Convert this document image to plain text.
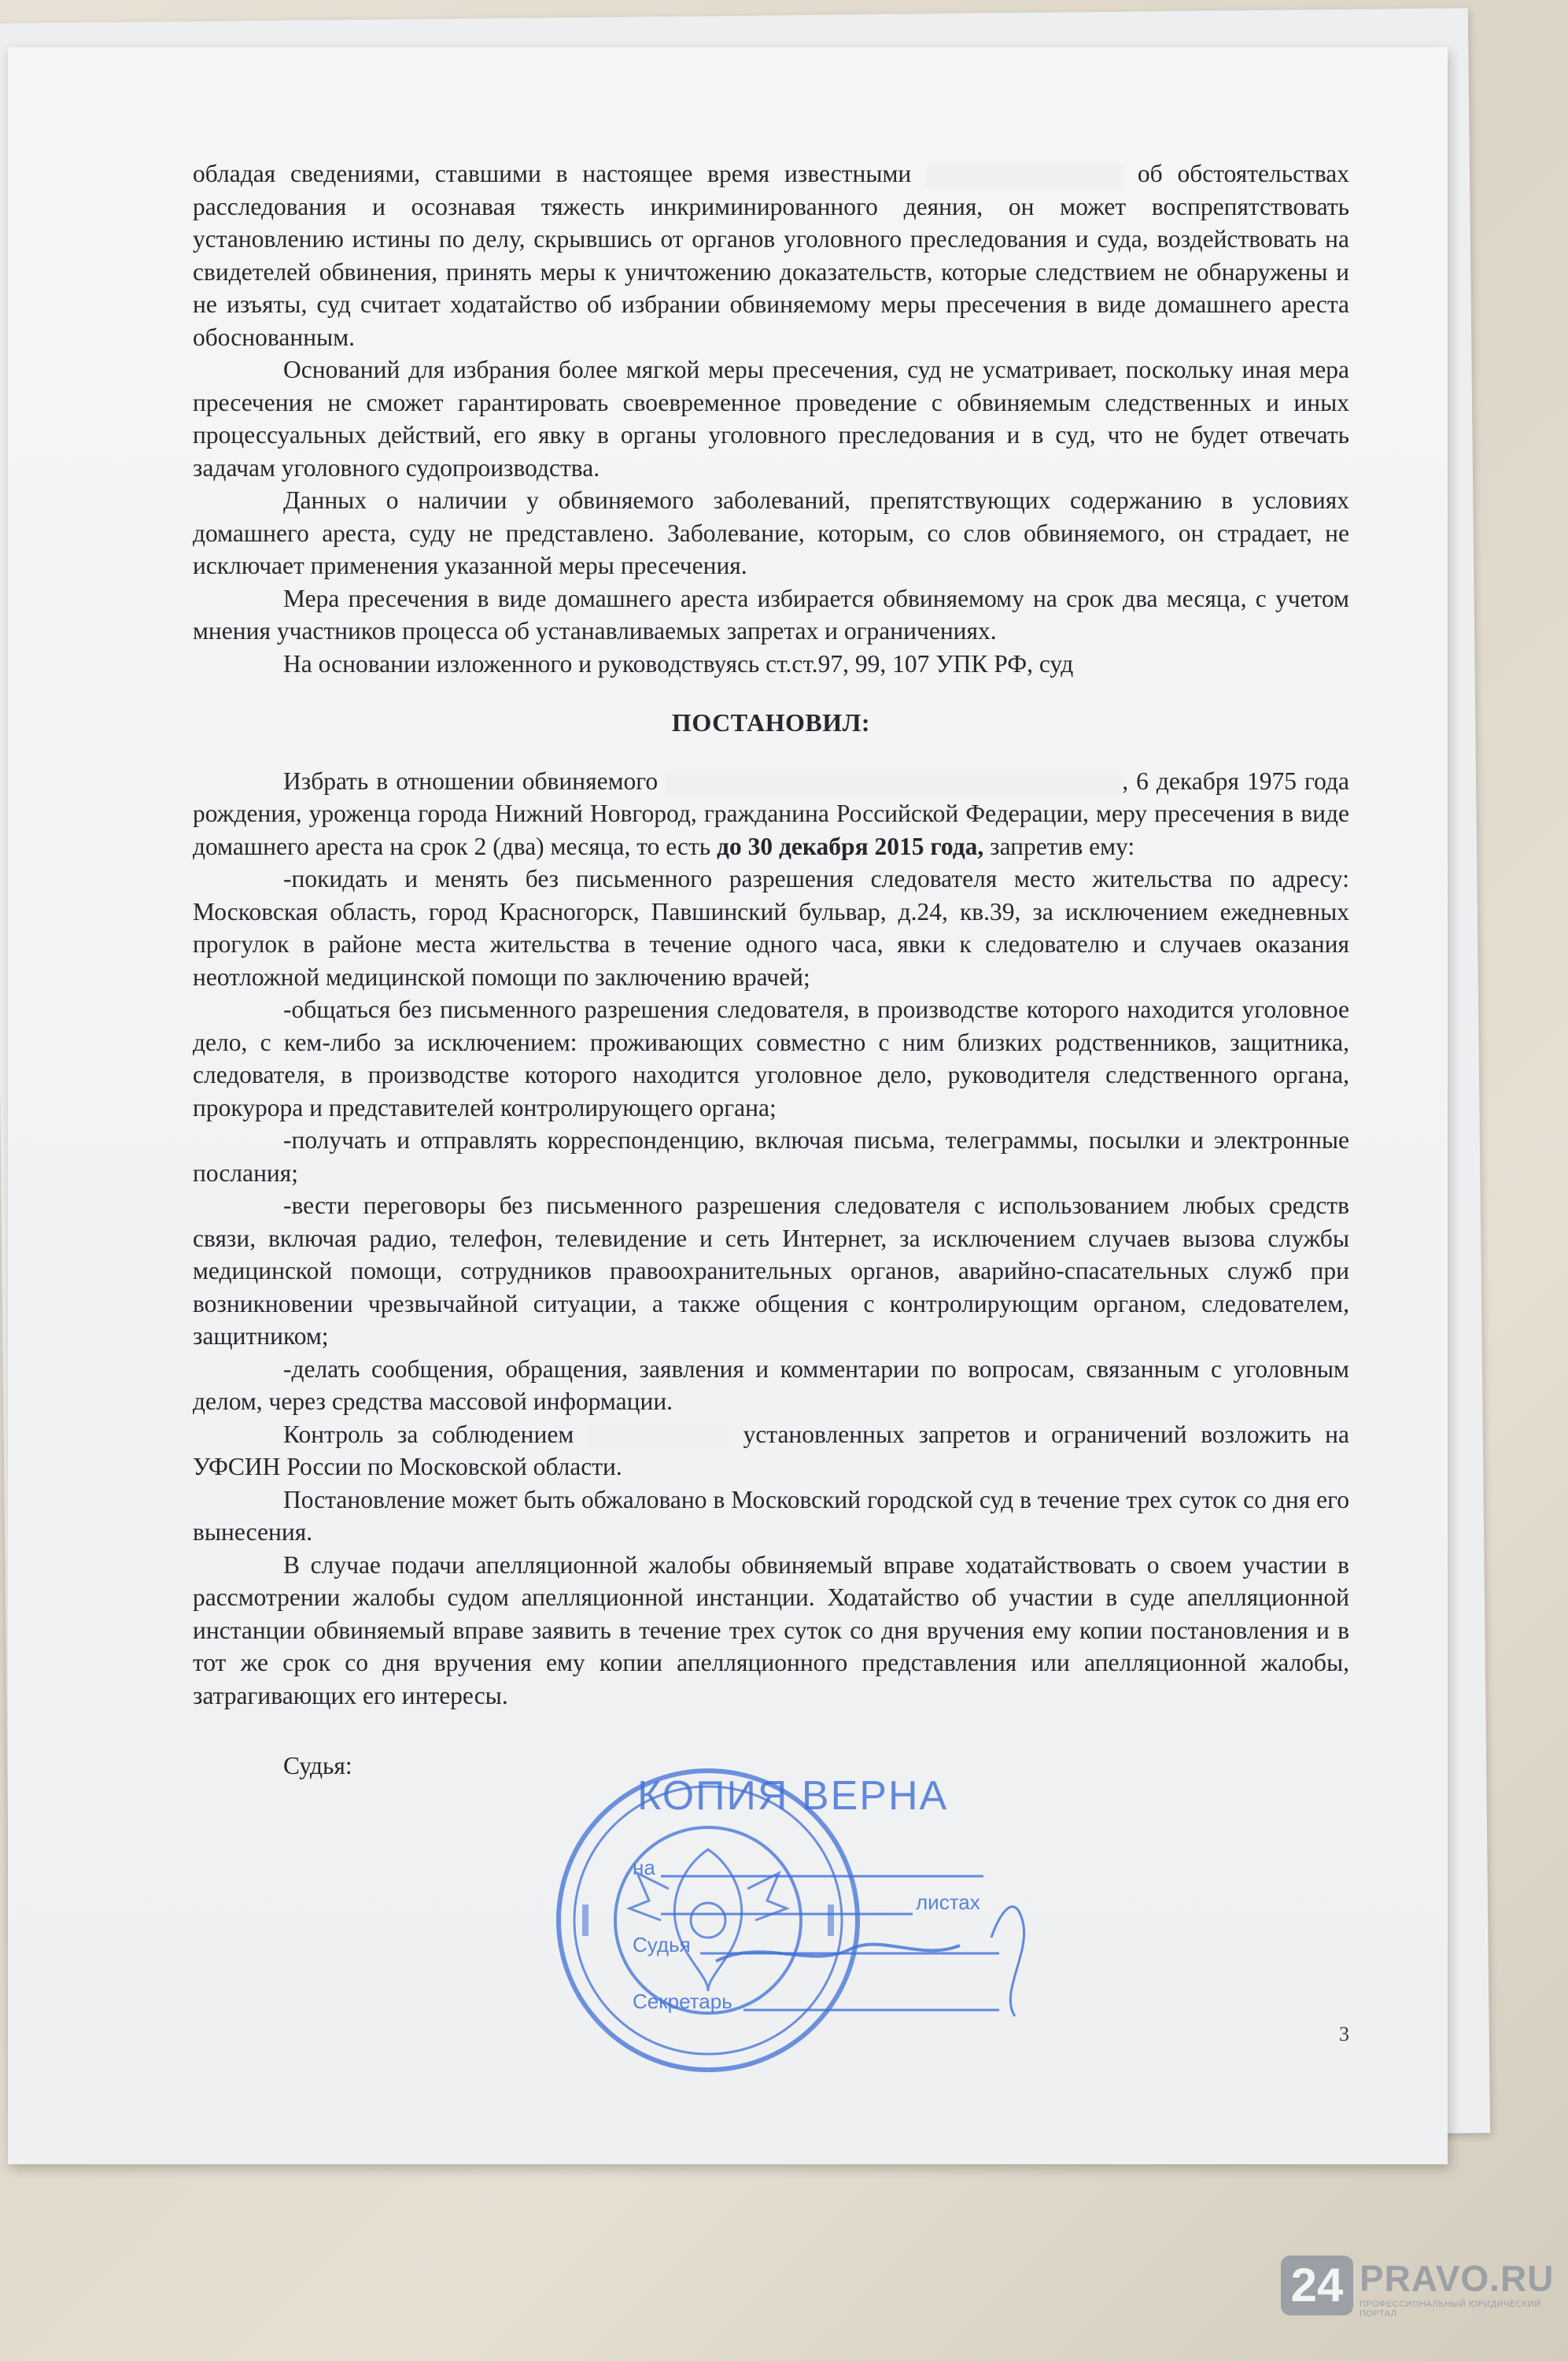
обладая сведениями, ставшими в настоящее время известными	об обстоятельствах расследования и осознавая тяжесть инкриминированного деяния, он может воспрепятствовать установлению истины по делу, скрывшись от органов уголовного преследования и суда, воздействовать на свидетелей обвинения, принять меры к уничтожению доказательств, которые следствием не обнаружены и не изъяты, суд считает ходатайство об избрании обвиняемому меры пресечения в виде домашнего ареста обоснованным.

Оснований для избрания более мягкой меры пресечения, суд не усматривает, поскольку иная мера пресечения не сможет гарантировать своевременное проведение с обвиняемым следственных и иных процессуальных действий, его явку в органы уголовного преследования и в суд, что не будет отвечать задачам уголовного судопроизводства.

Данных о наличии у обвиняемого заболеваний, препятствующих содержанию в условиях домашнего ареста, суду не представлено. Заболевание, которым, со слов обвиняемого, он страдает, не исключает применения указанной меры пресечения.

Мера пресечения в виде домашнего ареста избирается обвиняемому на срок два месяца, с учетом мнения участников процесса об устанавливаемых запретах и ограничениях.

На основании изложенного и руководствуясь ст.ст.97, 99, 107 УПК РФ, суд

ПОСТАНОВИЛ:

Избрать в отношении обвиняемого	, 6 декабря 1975 года рождения, уроженца города Нижний Новгород, гражданина Российской Федерации, меру пресечения в виде домашнего ареста на срок 2 (два) месяца, то есть до 30 декабря 2015 года, запретив ему:

-покидать и менять без письменного разрешения следователя место жительства по адресу: Московская область, город Красногорск, Павшинский бульвар, д.24, кв.39, за исключением ежедневных прогулок в районе места жительства в течение одного часа, явки к следователю и случаев оказания неотложной медицинской помощи по заключению врачей;

-общаться без письменного разрешения следователя, в производстве которого находится уголовное дело, с кем-либо за исключением: проживающих совместно с ним близких родственников, защитника, следователя, в производстве которого находится уголовное дело, руководителя следственного органа, прокурора и представителей контролирующего органа;

-получать и отправлять корреспонденцию, включая письма, телеграммы, посылки и электронные послания;

-вести переговоры без письменного разрешения следователя с использованием любых средств связи, включая радио, телефон, телевидение и сеть Интернет, за исключением случаев вызова службы медицинской помощи, сотрудников правоохранительных органов, аварийно-спасательных служб при возникновении чрезвычайной ситуации, а также общения с контролирующим органом, следователем, защитником;

-делать сообщения, обращения, заявления и комментарии по вопросам, связанным с уголовным делом, через средства массовой информации.

Контроль за соблюдением	установленных запретов и ограничений возложить на УФСИН России по Московской области.

Постановление может быть обжаловано в Московский городской суд в течение трех суток со дня его вынесения.

В случае подачи апелляционной жалобы обвиняемый вправе ходатайствовать о своем участии в рассмотрении жалобы судом апелляционной инстанции. Ходатайство об участии в суде апелляционной инстанции обвиняемый вправе заявить в течение трех суток со дня вручения ему копии постановления и в тот же срок со дня вручения ему копии апелляционного представления или апелляционной жалобы, затрагивающих его интересы.

Судья:
3
КОПИЯ ВЕРНА
на
листах
Судья
Секретарь
24 PRAVO.RU
ПРОФЕССИОНАЛЬНЫЙ ЮРИДИЧЕСКИЙ ПОРТАЛ
